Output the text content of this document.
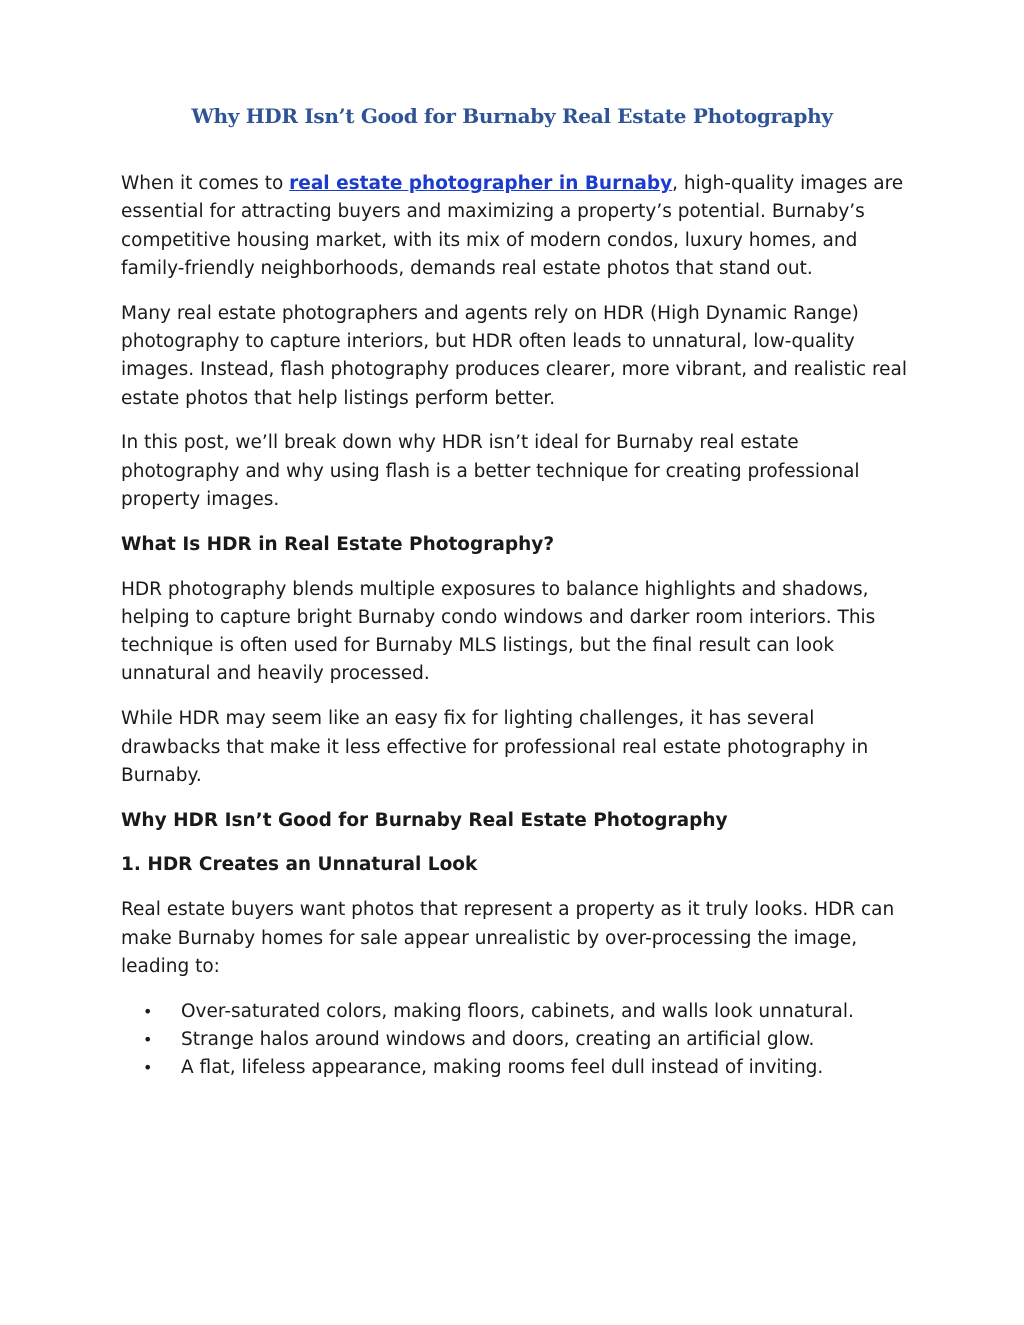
Why HDR Isn’t Good for Burnaby Real Estate Photography

When it comes to real estate photographer in Burnaby, high-quality images are essential for attracting buyers and maximizing a property’s potential. Burnaby’s competitive housing market, with its mix of modern condos, luxury homes, and family-friendly neighborhoods, demands real estate photos that stand out.

Many real estate photographers and agents rely on HDR (High Dynamic Range) photography to capture interiors, but HDR often leads to unnatural, low-quality images. Instead, flash photography produces clearer, more vibrant, and realistic real estate photos that help listings perform better.

In this post, we’ll break down why HDR isn’t ideal for Burnaby real estate photography and why using flash is a better technique for creating professional property images.

What Is HDR in Real Estate Photography?

HDR photography blends multiple exposures to balance highlights and shadows, helping to capture bright Burnaby condo windows and darker room interiors. This technique is often used for Burnaby MLS listings, but the final result can look unnatural and heavily processed.

While HDR may seem like an easy fix for lighting challenges, it has several drawbacks that make it less effective for professional real estate photography in Burnaby.

Why HDR Isn’t Good for Burnaby Real Estate Photography

1. HDR Creates an Unnatural Look

Real estate buyers want photos that represent a property as it truly looks. HDR can make Burnaby homes for sale appear unrealistic by over-processing the image, leading to:

• Over-saturated colors, making floors, cabinets, and walls look unnatural.
• Strange halos around windows and doors, creating an artificial glow.
• A flat, lifeless appearance, making rooms feel dull instead of inviting.
